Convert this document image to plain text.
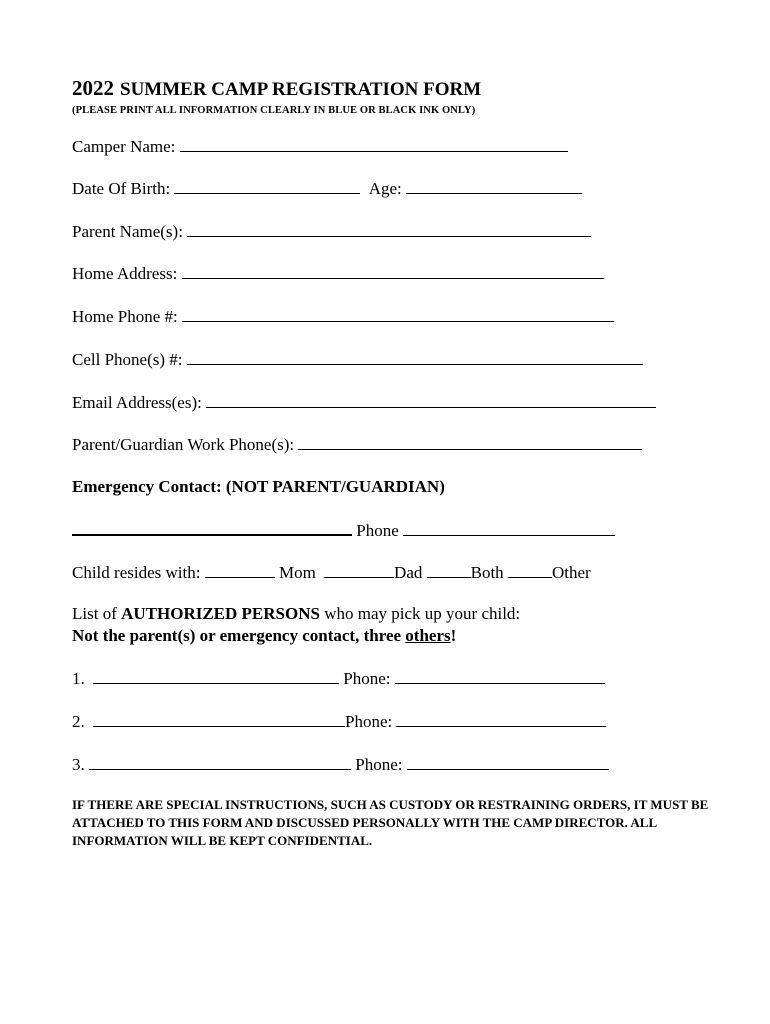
2022 SUMMER CAMP REGISTRATION FORM
(PLEASE PRINT ALL INFORMATION CLEARLY IN BLUE OR BLACK INK ONLY)
Camper Name:
Date Of Birth:	Age:
Parent Name(s):
Home Address:
Home Phone #:
Cell Phone(s) #:
Email Address(es):
Parent/Guardian Work Phone(s):
Emergency Contact: (NOT PARENT/GUARDIAN)
Phone
Child resides with:	Mom	Dad	Both	Other
List of AUTHORIZED PERSONS who may pick up your child:
Not the parent(s) or emergency contact, three others!
1.	Phone:
2.	Phone:
3.	Phone:
IF THERE ARE SPECIAL INSTRUCTIONS, SUCH AS CUSTODY OR RESTRAINING ORDERS, IT MUST BE ATTACHED TO THIS FORM AND DISCUSSED PERSONALLY WITH THE CAMP DIRECTOR. ALL INFORMATION WILL BE KEPT CONFIDENTIAL.
